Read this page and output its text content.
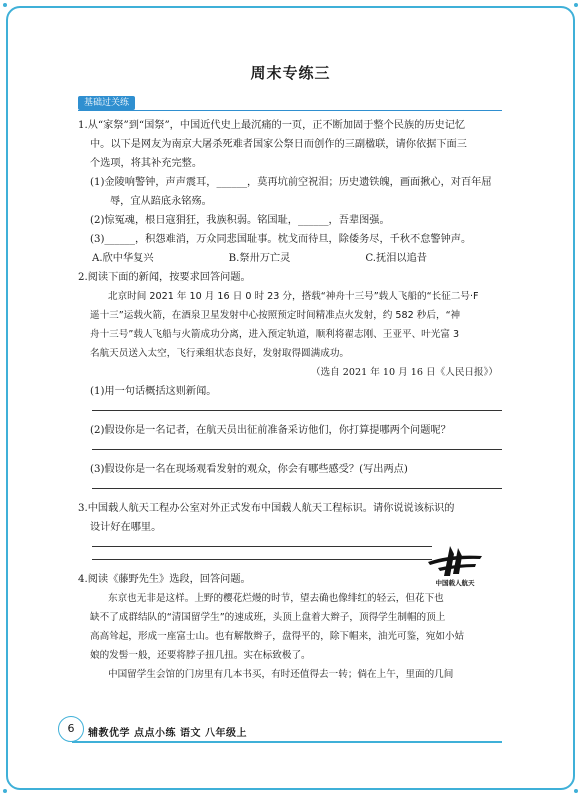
周末专练三
基础过关练

1.从“家祭”到“国祭”，中国近代史上最沉痛的一页，正不断加固于整个民族的历史记忆

中。以下是网友为南京大屠杀死难者国家公祭日而创作的三副楹联，请你依据下面三

个选项，将其补充完整。

(1)金陵响警钟，声声震耳，______，莫再坑前空祝泪；历史遗铁魄，画面揪心，对百年屈

辱，宜从踣底永铭殇。

(2)惊冤魂，根日寇狷狂，我族积弱。铭国耻，______，吾辈图强。

(3)______，积怨难消，万众同悲国耻事。枕戈而待旦，除倭务尽，千秋不怠警钟声。

A.欣中华复兴	B.祭卅万亡灵	C.抚泪以追昔

2.阅读下面的新闻，按要求回答问题。

北京时间 2021 年 10 月 16 日 0 时 23 分，搭载“神舟十三号”载人飞船的“长征二号·F

遥十三”运载火箭，在酒泉卫星发射中心按照预定时间精准点火发射，约 582 秒后，“神

舟十三号”载人飞船与火箭成功分离，进入预定轨道，顺利将翟志刚、王亚平、叶光富 3

名航天员送入太空，飞行乘组状态良好，发射取得圆满成功。

（选自 2021 年 10 月 16 日《人民日报》）

(1)用一句话概括这则新闻。

(2)假设你是一名记者，在航天员出征前准备采访他们，你打算提哪两个问题呢？

(3)假设你是一名在现场观看发射的观众，你会有哪些感受？(写出两点)

3.中国载人航天工程办公室对外正式发布中国载人航天工程标识。请你说说该标识的

设计好在哪里。

4.阅读《藤野先生》选段，回答问题。

东京也无非是这样。上野的樱花烂熳的时节，望去确也像绯红的轻云，但花下也

缺不了成群结队的“清国留学生”的速成班，头顶上盘着大辫子，顶得学生制帽的顶上

高高耸起，形成一座富士山。也有解散辫子，盘得平的，除下帽来，油光可鉴，宛如小姑

娘的发髻一般，还要将脖子扭几扭。实在标致极了。

中国留学生会馆的门房里有几本书买，有时还值得去一转；倘在上午，里面的几间

中国载人航天
6	辅教优学 点点小练 语文 八年级上
